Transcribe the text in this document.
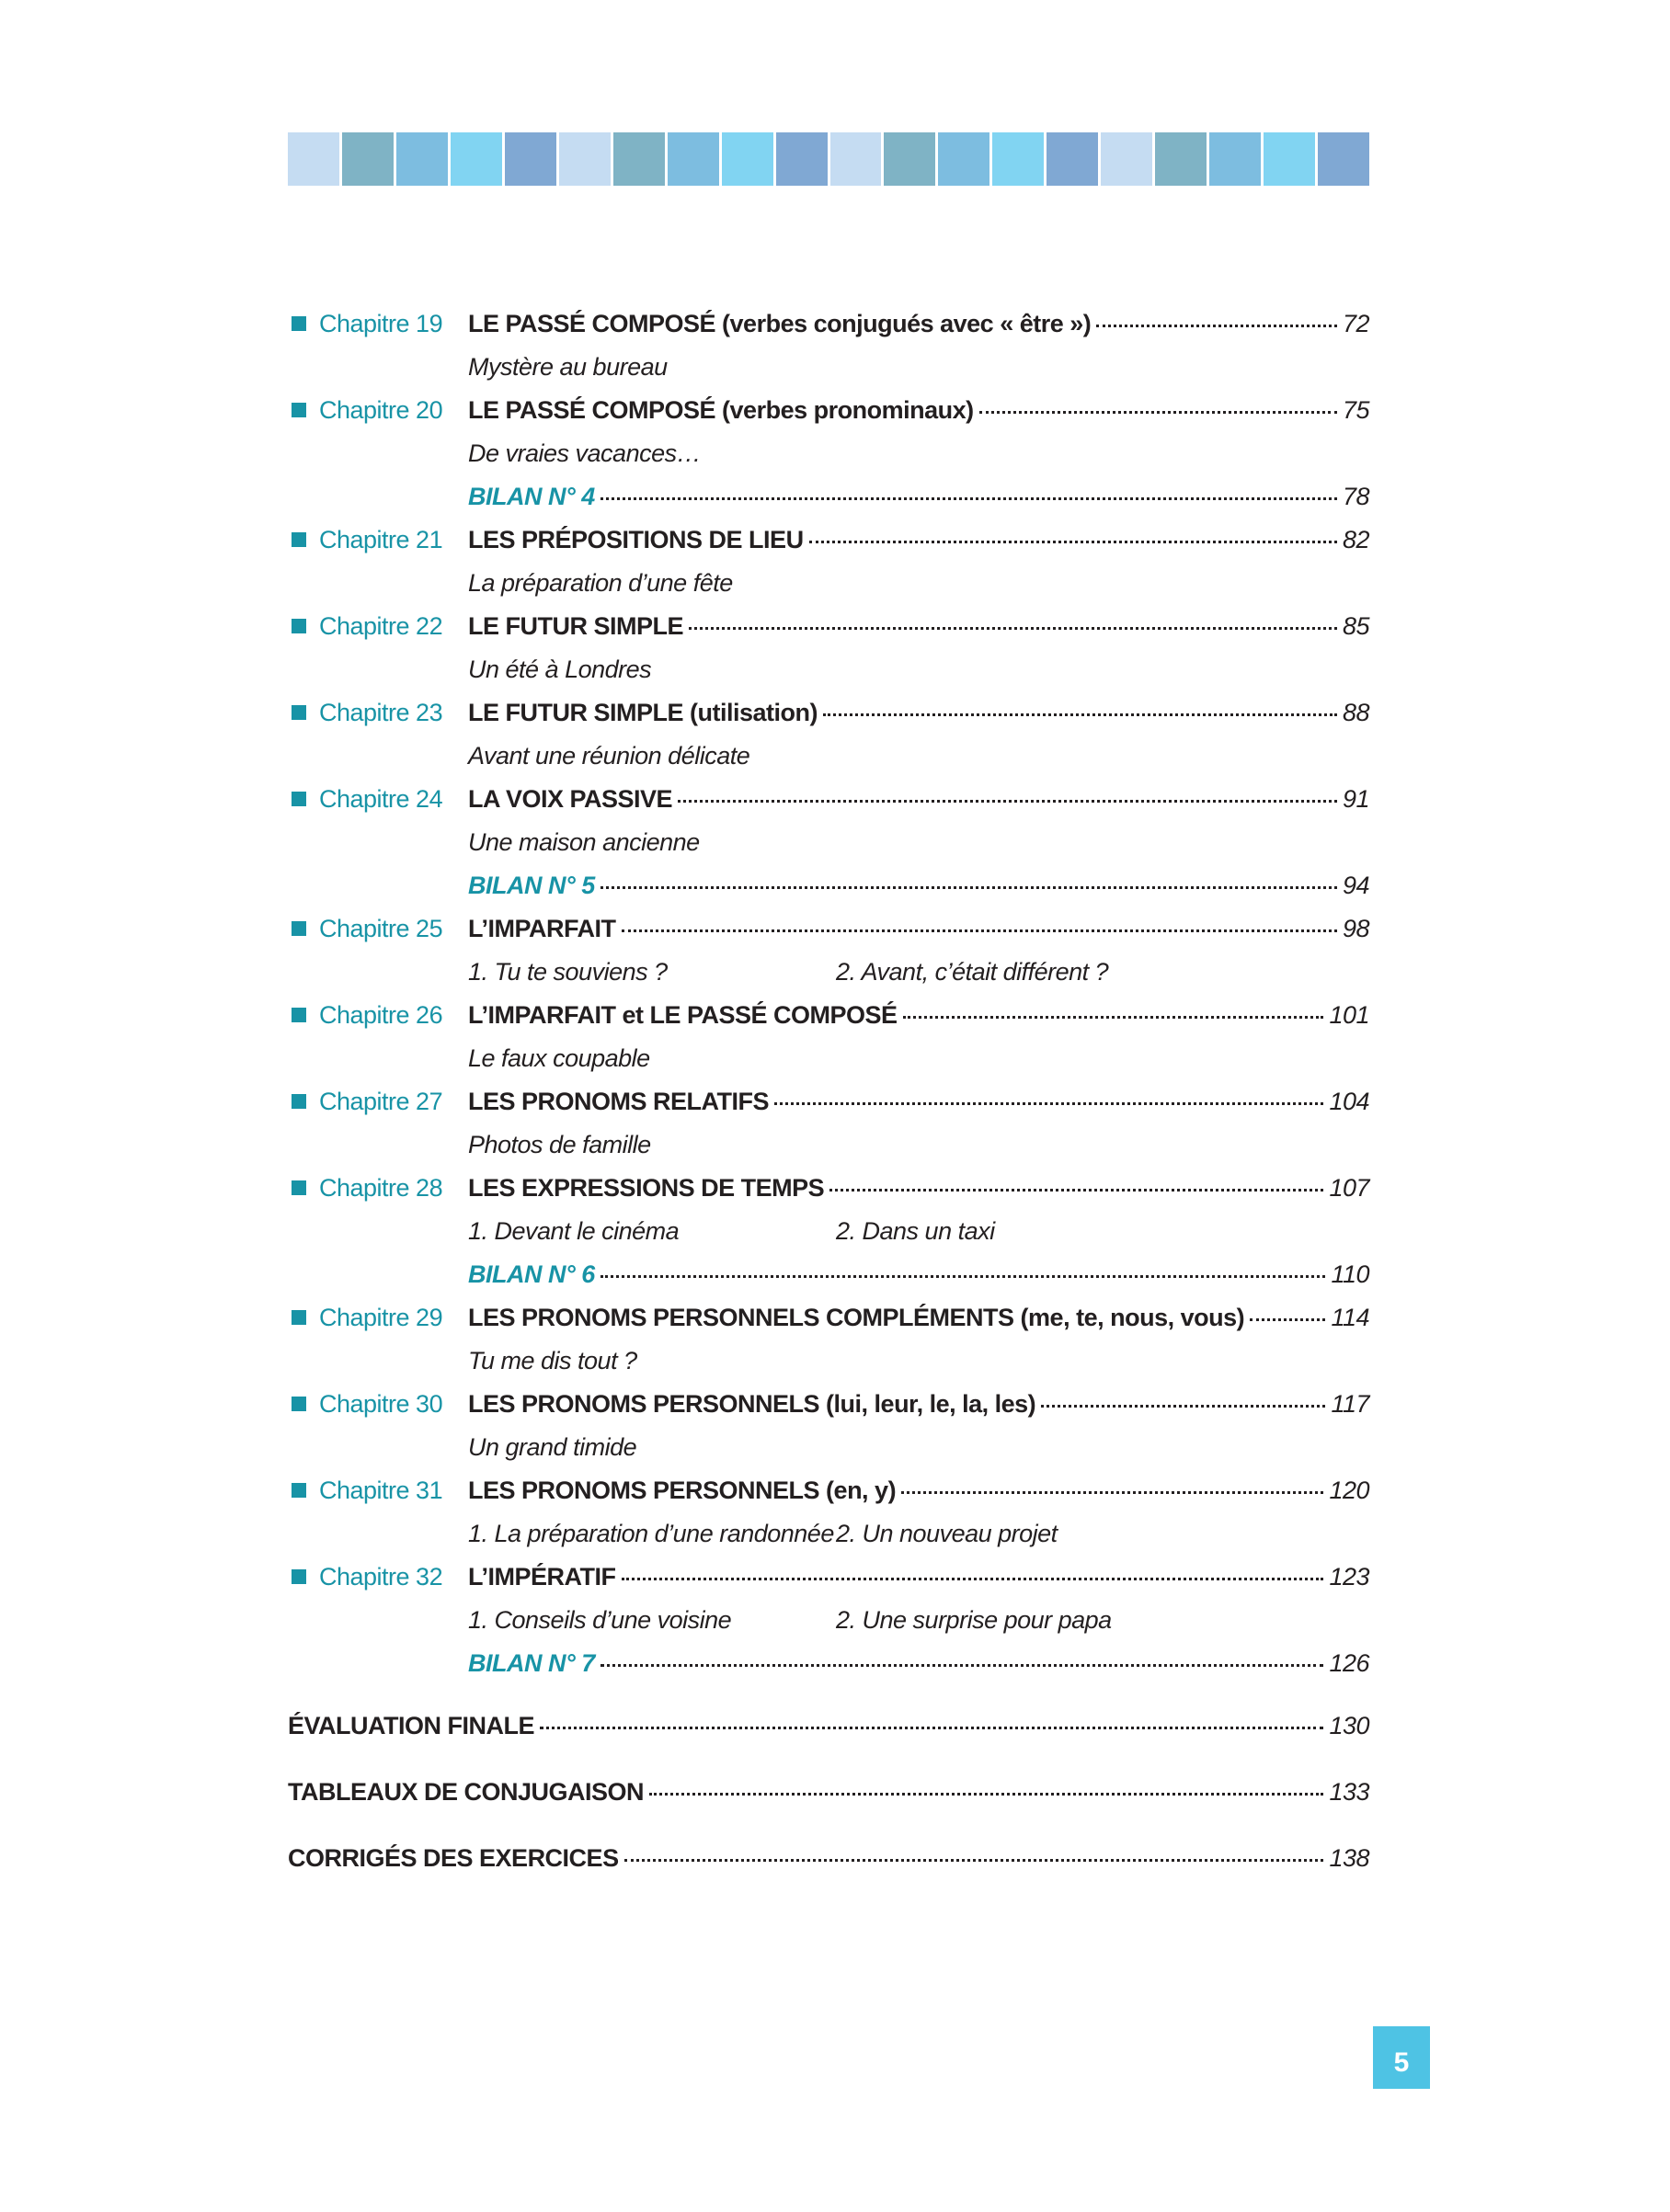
Chapitre 19 LE PASSÉ COMPOSÉ (verbes conjugués avec « être »)	72
Mystère au bureau
Chapitre 20 LE PASSÉ COMPOSÉ (verbes pronominaux)	75
De vraies vacances…
BILAN N° 4	78
Chapitre 21 LES PRÉPOSITIONS DE LIEU	82
La préparation d’une fête
Chapitre 22 LE FUTUR SIMPLE	85
Un été à Londres
Chapitre 23 LE FUTUR SIMPLE (utilisation)	88
Avant une réunion délicate
Chapitre 24 LA VOIX PASSIVE	91
Une maison ancienne
BILAN N° 5	94
Chapitre 25 L’IMPARFAIT	98
1. Tu te souviens ?	2. Avant, c’était différent ?
Chapitre 26 L’IMPARFAIT et LE PASSÉ COMPOSÉ	101
Le faux coupable
Chapitre 27 LES PRONOMS RELATIFS	104
Photos de famille
Chapitre 28 LES EXPRESSIONS DE TEMPS	107
1. Devant le cinéma	2. Dans un taxi
BILAN N° 6	110
Chapitre 29 LES PRONOMS PERSONNELS COMPLÉMENTS (me, te, nous, vous)	114
Tu me dis tout ?
Chapitre 30 LES PRONOMS PERSONNELS (lui, leur, le, la, les)	117
Un grand timide
Chapitre 31 LES PRONOMS PERSONNELS (en, y)	120
1. La préparation d’une randonnée 2. Un nouveau projet
Chapitre 32 L’IMPÉRATIF	123
1. Conseils d’une voisine	2. Une surprise pour papa
BILAN N° 7	126
ÉVALUATION FINALE	130
TABLEAUX DE CONJUGAISON	133
CORRIGÉS DES EXERCICES	138
5
